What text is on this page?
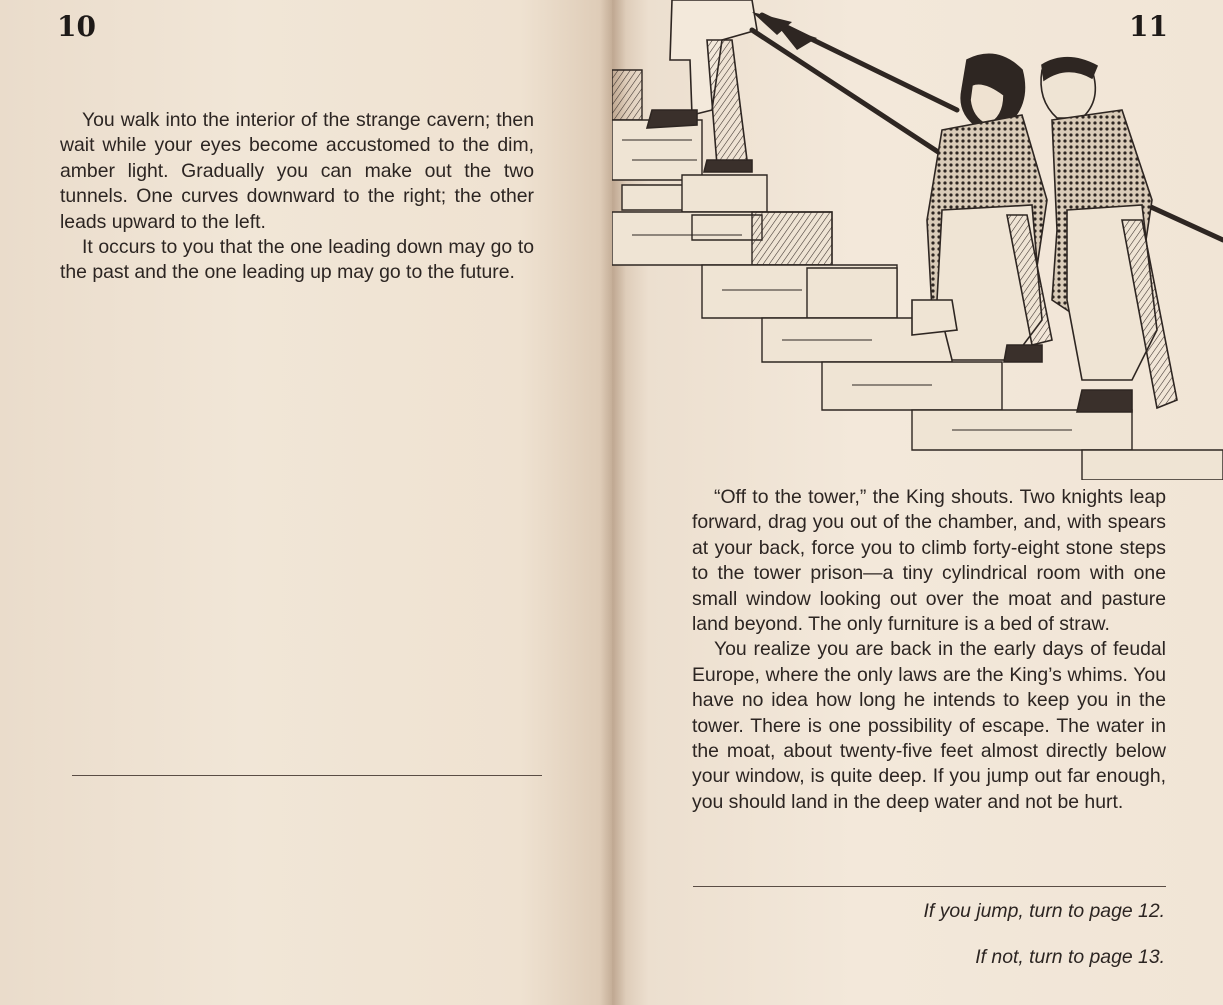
10

You walk into the interior of the strange cavern; then wait while your eyes become accustomed to the dim, amber light. Gradually you can make out the two tunnels. One curves downward to the right; the other leads upward to the left.

It occurs to you that the one leading down may go to the past and the one leading up may go to the future.

11

“Off to the tower,” the King shouts. Two knights leap forward, drag you out of the chamber, and, with spears at your back, force you to climb forty-eight stone steps to the tower prison—a tiny cylindrical room with one small window looking out over the moat and pasture land beyond. The only furniture is a bed of straw.

You realize you are back in the early days of feudal Europe, where the only laws are the King’s whims. You have no idea how long he intends to keep you in the tower. There is one possibility of escape. The water in the moat, about twenty-five feet almost directly below your window, is quite deep. If you jump out far enough, you should land in the deep water and not be hurt.

If you jump, turn to page 12.
If not, turn to page 13.
